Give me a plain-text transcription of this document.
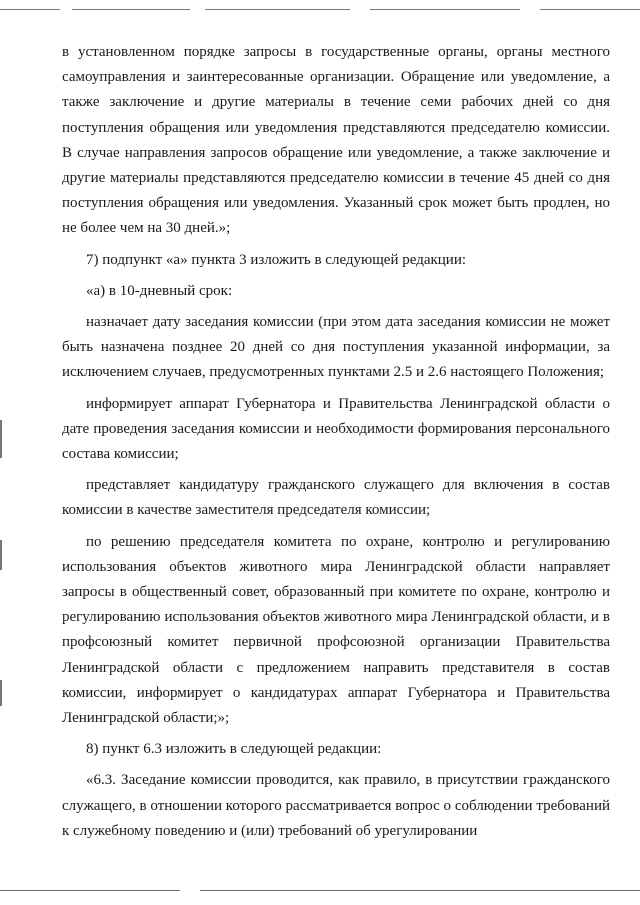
в установленном порядке запросы в государственные органы, органы местного самоуправления и заинтересованные организации. Обращение или уведомление, а также заключение и другие материалы в течение семи рабочих дней со дня поступления обращения или уведомления представляются председателю комиссии. В случае направления запросов обращение или уведомление, а также заключение и другие материалы представляются председателю комиссии в течение 45 дней со дня поступления обращения или уведомления. Указанный срок может быть продлен, но не более чем на 30 дней.»;

7) подпункт «а» пункта 3 изложить в следующей редакции:

«а) в 10-дневный срок:

назначает дату заседания комиссии (при этом дата заседания комиссии не может быть назначена позднее 20 дней со дня поступления указанной информации, за исключением случаев, предусмотренных пунктами 2.5 и 2.6 настоящего Положения;

информирует аппарат Губернатора и Правительства Ленинградской области о дате проведения заседания комиссии и необходимости формирования персонального состава комиссии;

представляет кандидатуру гражданского служащего для включения в состав комиссии в качестве заместителя председателя комиссии;

по решению председателя комитета по охране, контролю и регулированию использования объектов животного мира Ленинградской области направляет запросы в общественный совет, образованный при комитете по охране, контролю и регулированию использования объектов животного мира Ленинградской области, и в профсоюзный комитет первичной профсоюзной организации Правительства Ленинградской области с предложением направить представителя в состав комиссии, информирует о кандидатурах аппарат Губернатора и Правительства Ленинградской области;»;

8) пункт 6.3 изложить в следующей редакции:

«6.3. Заседание комиссии проводится, как правило, в присутствии гражданского служащего, в отношении которого рассматривается вопрос о соблюдении требований к служебному поведению и (или) требований об урегулировании
